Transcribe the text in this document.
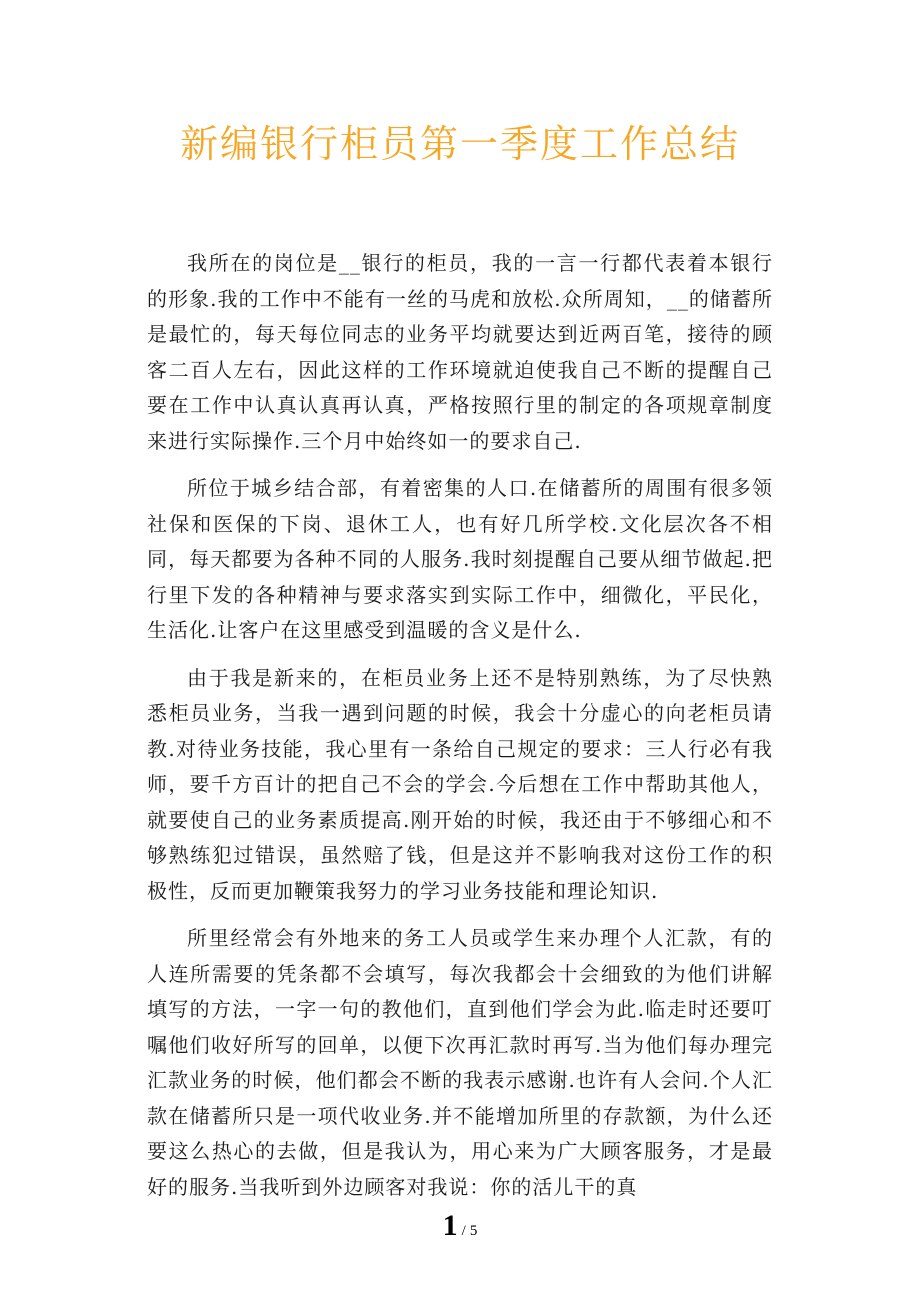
新编银行柜员第一季度工作总结

我所在的岗位是__银行的柜员，我的一言一行都代表着本银行的形象.我的工作中不能有一丝的马虎和放松.众所周知，__的储蓄所是最忙的，每天每位同志的业务平均就要达到近两百笔，接待的顾客二百人左右，因此这样的工作环境就迫使我自己不断的提醒自己要在工作中认真认真再认真，严格按照行里的制定的各项规章制度来进行实际操作.三个月中始终如一的要求自己.

所位于城乡结合部，有着密集的人口.在储蓄所的周围有很多领社保和医保的下岗、退休工人，也有好几所学校.文化层次各不相同，每天都要为各种不同的人服务.我时刻提醒自己要从细节做起.把行里下发的各种精神与要求落实到实际工作中，细微化，平民化，生活化.让客户在这里感受到温暖的含义是什么.

由于我是新来的，在柜员业务上还不是特别熟练，为了尽快熟悉柜员业务，当我一遇到问题的时候，我会十分虚心的向老柜员请教.对待业务技能，我心里有一条给自己规定的要求：三人行必有我师，要千方百计的把自己不会的学会.今后想在工作中帮助其他人，就要使自己的业务素质提高.刚开始的时候，我还由于不够细心和不够熟练犯过错误，虽然赔了钱，但是这并不影响我对这份工作的积极性，反而更加鞭策我努力的学习业务技能和理论知识.

所里经常会有外地来的务工人员或学生来办理个人汇款，有的人连所需要的凭条都不会填写，每次我都会十会细致的为他们讲解填写的方法，一字一句的教他们，直到他们学会为此.临走时还要叮嘱他们收好所写的回单，以便下次再汇款时再写.当为他们每办理完汇款业务的时候，他们都会不断的我表示感谢.也许有人会问.个人汇款在储蓄所只是一项代收业务.并不能增加所里的存款额，为什么还要这么热心的去做，但是我认为，用心来为广大顾客服务，才是最好的服务.当我听到外边顾客对我说：你的活儿干的真

1 / 5
